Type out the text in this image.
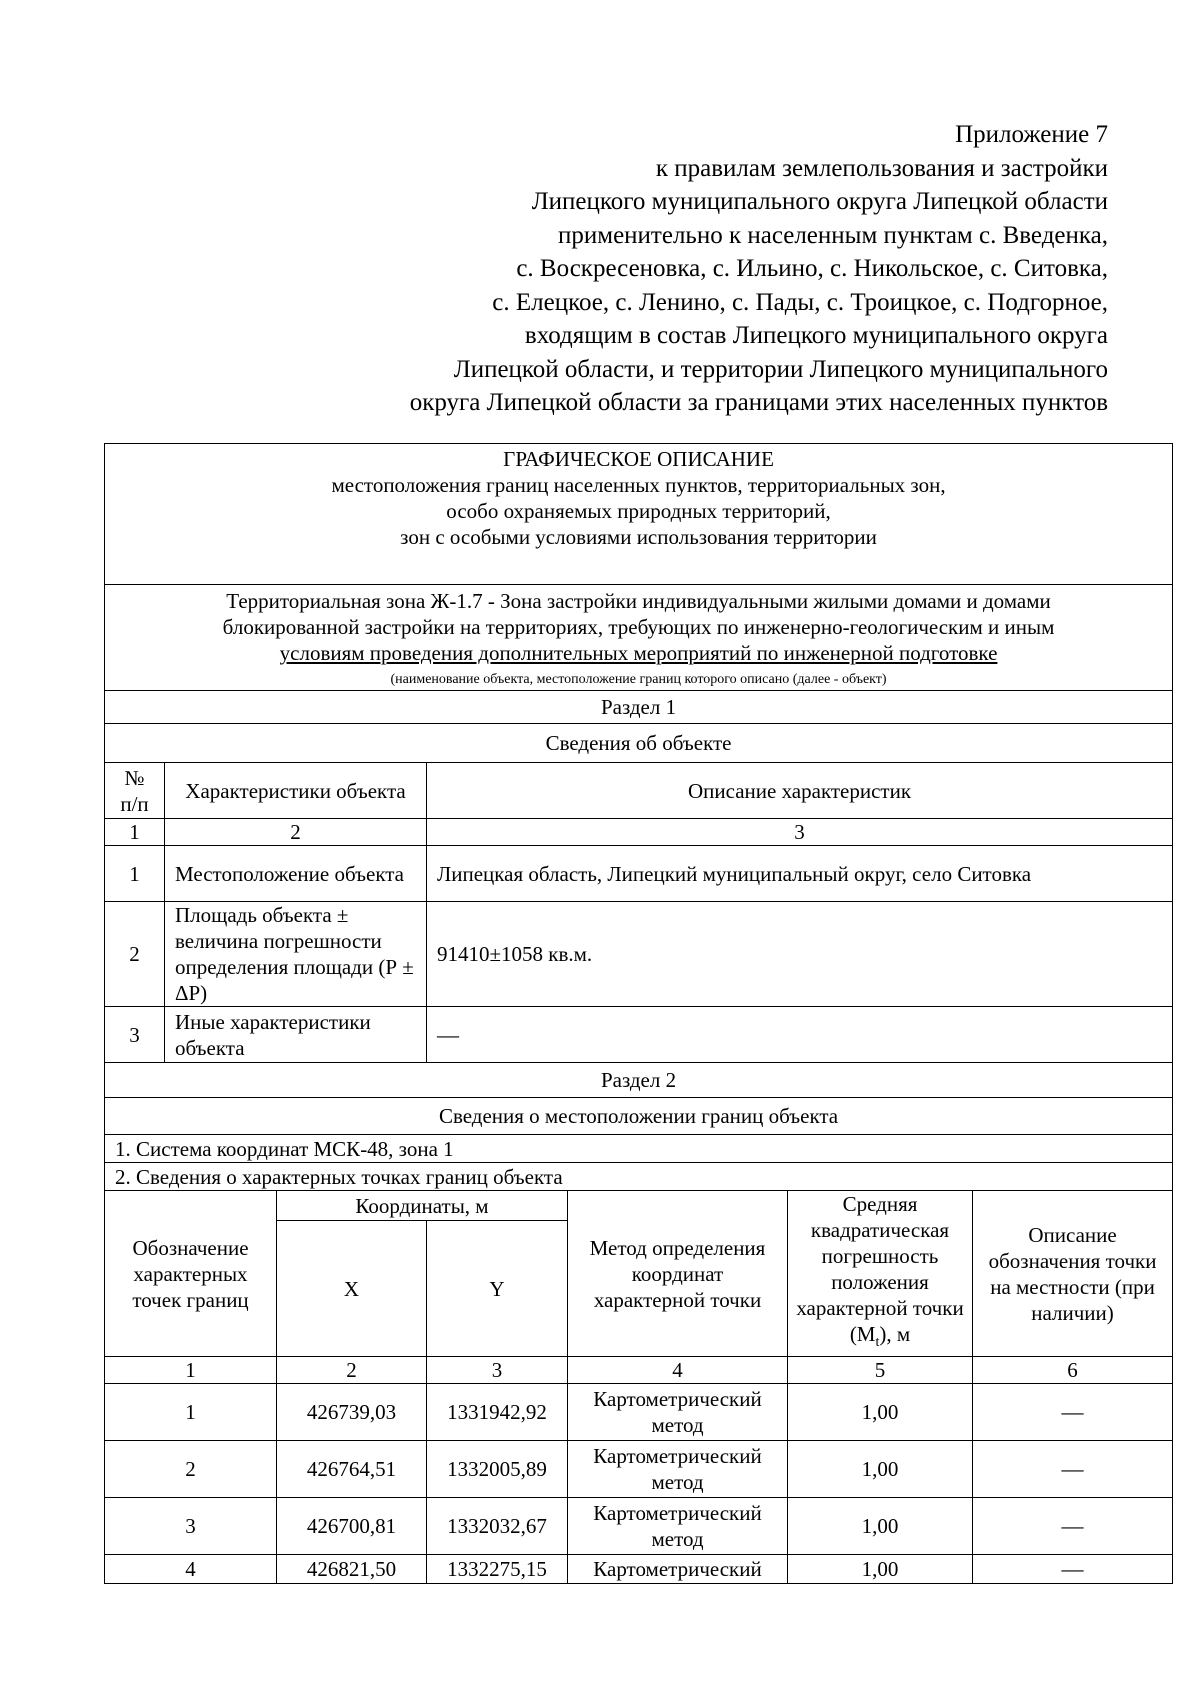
Приложение 7
к правилам землепользования и застройки
Липецкого муниципального округа Липецкой области
применительно к населенным пунктам с. Введенка,
с. Воскресеновка, с. Ильино, с. Никольское, с. Ситовка,
с. Елецкое, с. Ленино, с. Пады, с. Троицкое, с. Подгорное,
входящим в состав Липецкого муниципального округа
Липецкой области, и территории Липецкого муниципального
округа Липецкой области за границами этих населенных пунктов
ГРАФИЧЕСКОЕ ОПИСАНИЕ
местоположения границ населенных пунктов, территориальных зон,
особо охраняемых природных территорий,
зон с особыми условиями использования территории						

Территориальная зона Ж-1.7 - Зона застройки индивидуальными жилыми домами и домами
блокированной застройки на территориях, требующих по инженерно-геологическим и иным
условиям проведения дополнительных мероприятий по инженерной подготовке						

(наименование объекта, местоположение границ которого описано (далее - объект)						
Раздел 1						
Сведения об объекте						

№
п/п	Характеристики объекта		Описание характеристик			
1	2		3			
1	Местоположение объекта		Липецкая область, Липецкий муниципальный округ, село Ситовка			
2	Площадь объекта ± величина погрешности определения площади (Р ± ΔР)		91410±1058 кв.м.			
3	Иные характеристики объекта		—			
Раздел 2						
Сведения о местоположении границ объекта						
1. Система координат МСК-48, зона 1						
2. Сведения о характерных точках границ объекта						
Обозначение характерных точек границ		Координаты, м		Метод определения координат характерной точки	Средняя квадратическая погрешность положения характерной точки $(M_t)$, м	Описание обозначения точки на местности (при наличии)
		X	Y			
1		2	3	4	5	6
1		426739,03	1331942,92	Картометрический метод	1,00	—
2		426764,51	1332005,89	Картометрический метод	1,00	—
3		426700,81	1332032,67	Картометрический метод	1,00	—
4		426821,50	1332275,15	Картометрический	1,00	—
